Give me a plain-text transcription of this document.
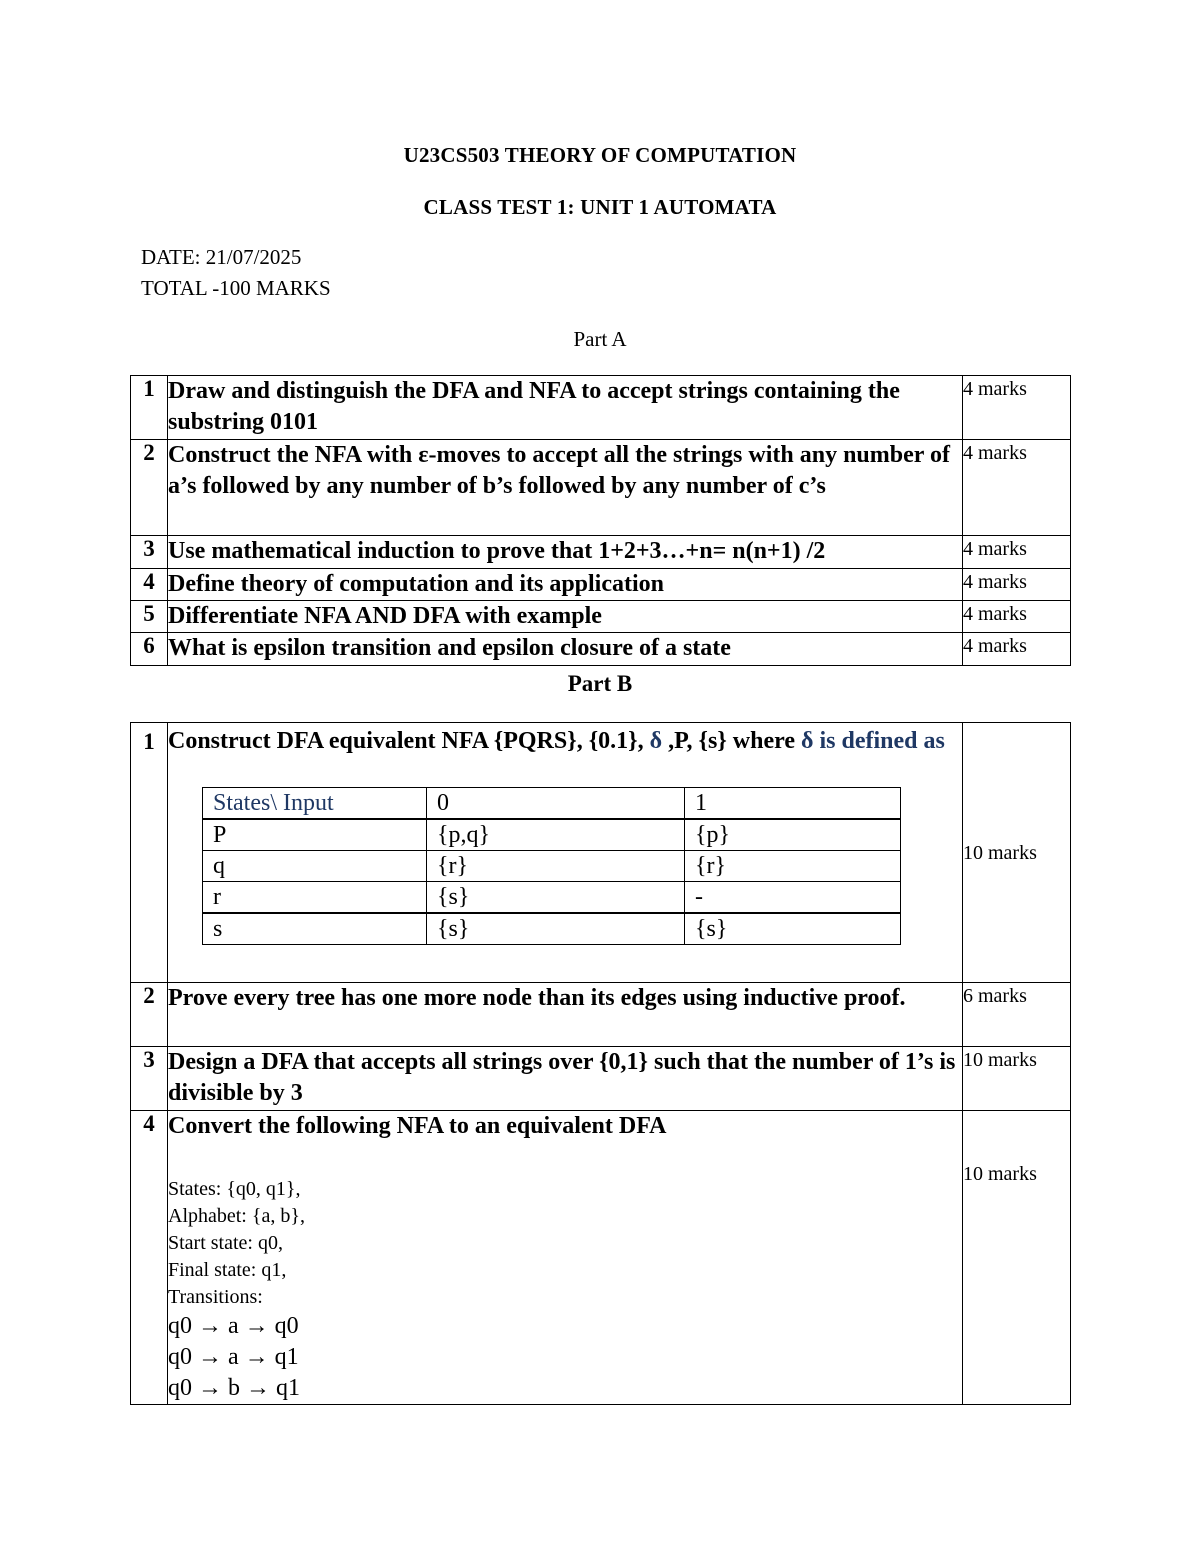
U23CS503 THEORY OF COMPUTATION
CLASS TEST 1: UNIT 1 AUTOMATA
DATE: 21/07/2025
TOTAL -100 MARKS
Part A
1	Draw and distinguish the DFA and NFA to accept strings containing the substring 0101	4 marks
2	Construct the NFA with ε-moves to accept all the strings with any number of a’s followed by any number of b’s followed by any number of c’s	4 marks
3	Use mathematical induction to prove that 1+2+3…+n= n(n+1) /2	4 marks
4	Define theory of computation and its application	4 marks
5	Differentiate NFA AND DFA with example	4 marks
6	What is epsilon transition and epsilon closure of a state	4 marks
Part B
1	Construct DFA equivalent NFA {PQRS}, {0.1}, δ ,P, {s} where δ is defined as
States\ Input	0	1
P	{p,q}	{p}
q	{r}	{r}
r	{s}	-
s	{s}	{s}
	10 marks
2	Prove every tree has one more node than its edges using inductive proof.	6 marks
3	Design a DFA that accepts all strings over {0,1} such that the number of 1’s is divisible by 3	10 marks
4	Convert the following NFA to an equivalent DFA
States: {q0, q1},
Alphabet: {a, b},
Start state: q0,
Final state: q1,
Transitions:
q0 → a → q0
q0 → a → q1
q0 → b → q1
	10 marks
